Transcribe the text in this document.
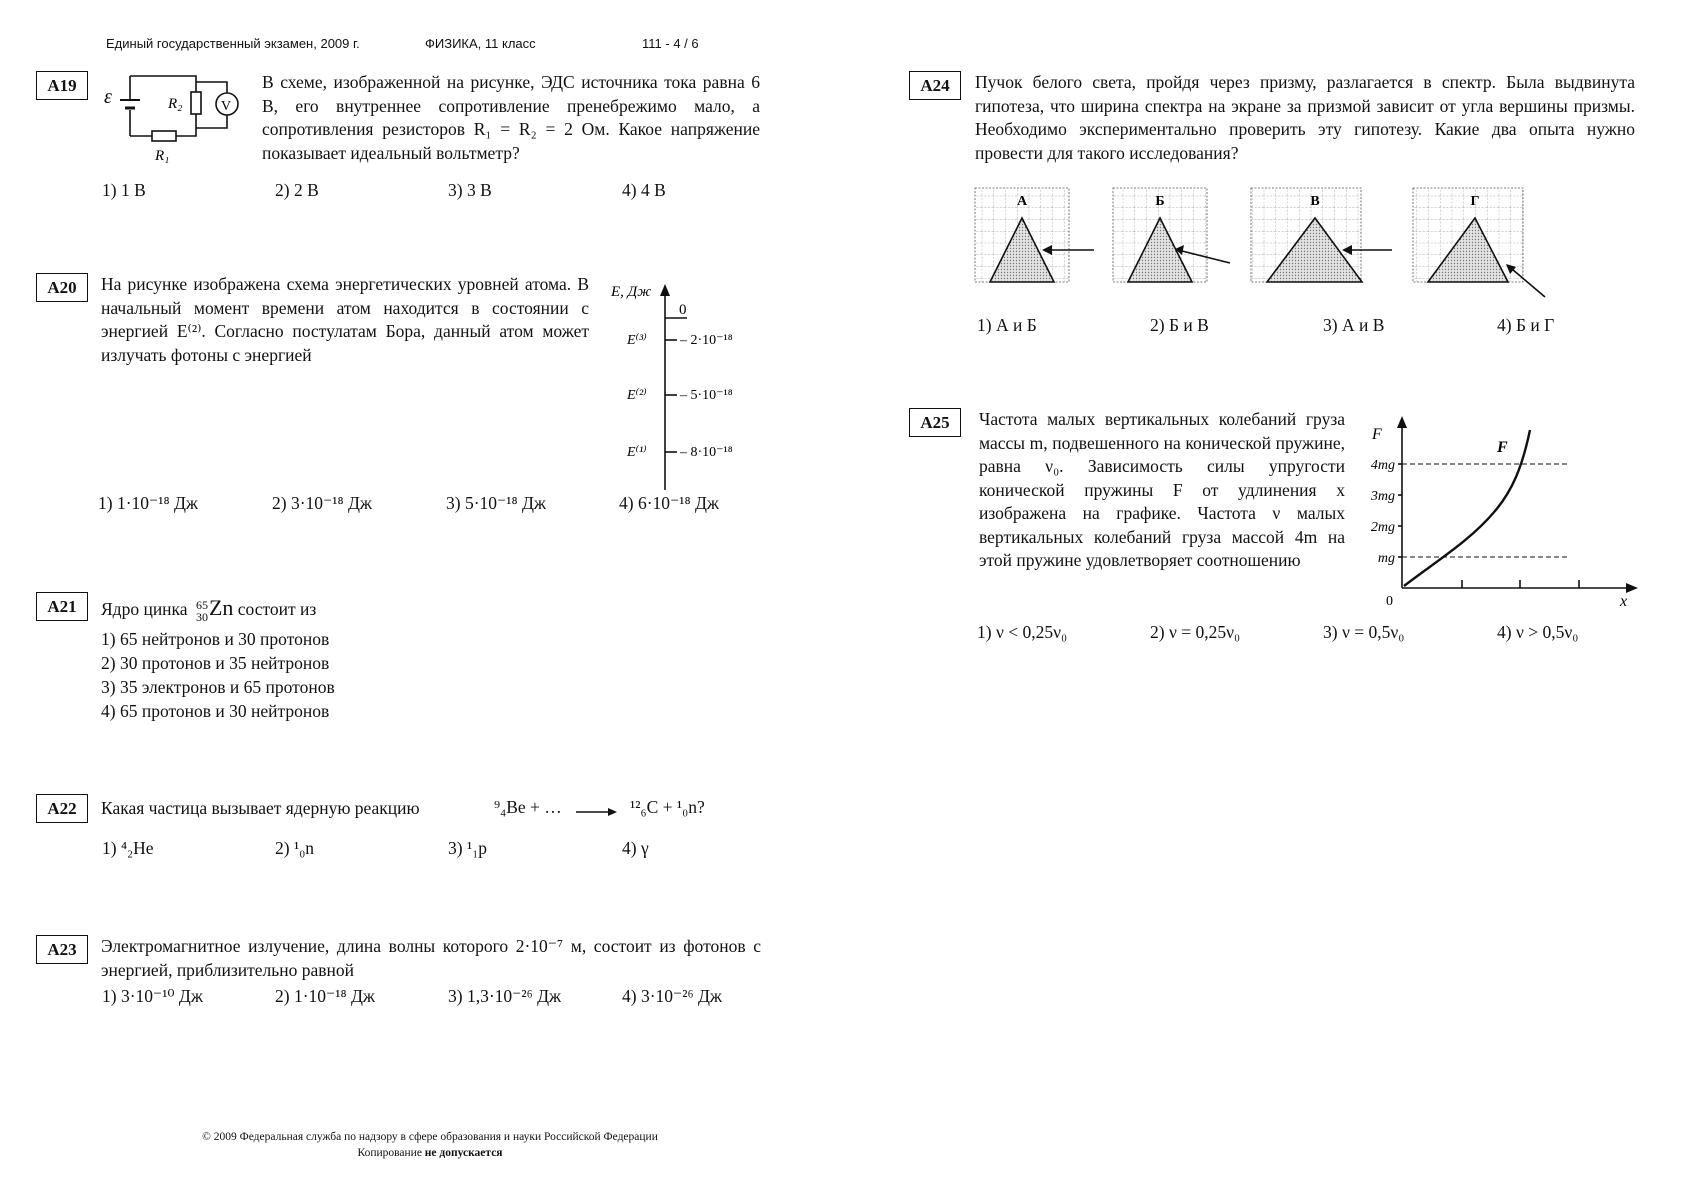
Единый государственный экзамен, 2009 г.	ФИЗИКА, 11 класс	111 - 4 / 6
А19
ε	R₂	V
R₁
В схеме, изображенной на рисунке, ЭДС источника тока равна 6 В, его внутреннее сопротивление пренебрежимо мало, а сопротивления резисторов R₁ = R₂ = 2 Ом. Какое напряжение показывает идеальный вольтметр?
1) 1 В	2) 2 В	3) 3 В	4) 4 В
А20	На рисунке изображена схема энергетических уровней атома. В начальный момент времени атом находится в состоянии с энергией E⁽²⁾. Согласно постулатам Бора, данный атом может излучать фотоны с энергией
E, Дж
0
E⁽³⁾ – 2·10⁻¹⁸
E⁽²⁾ – 5·10⁻¹⁸
E⁽¹⁾ – 8·10⁻¹⁸
1) 1·10⁻¹⁸ Дж	2) 3·10⁻¹⁸ Дж	3) 5·10⁻¹⁸ Дж	4) 6·10⁻¹⁸ Дж
А21	Ядро цинка 65
30 Zn состоит из
1) 65 нейтронов и 30 протонов
2) 30 протонов и 35 нейтронов
3) 35 электронов и 65 протонов
4) 65 протонов и 30 нейтронов
А22	Какая частица вызывает ядерную реакцию	⁹₄Be + … → ¹²₆C + ¹₀n?
1) ⁴₂He	2) ¹₀n	3) ¹₁p	4) γ
А23	Электромагнитное излучение, длина волны которого 2·10⁻⁷ м, состоит из фотонов с энергией, приблизительно равной
1) 3·10⁻¹⁰ Дж	2) 1·10⁻¹⁸ Дж	3) 1,3·10⁻²⁶ Дж	4) 3·10⁻²⁶ Дж
© 2009 Федеральная служба по надзору в сфере образования и науки Российской Федерации
Копирование не допускается
А24	Пучок белого света, пройдя через призму, разлагается в спектр. Была выдвинута гипотеза, что ширина спектра на экране за призмой зависит от угла вершины призмы. Необходимо экспериментально проверить эту гипотезу. Какие два опыта нужно провести для такого исследования?
А	Б	В	Г
1) А и Б	2) Б и В	3) А и В	4) Б и Г
А25	Частота малых вертикальных колебаний груза массы m, подвешенного на конической пружине, равна ν₀. Зависимость силы упругости конической пружины F от удлинения x изображена на графике. Частота ν малых вертикальных колебаний груза массой 4m на этой пружине удовлетворяет соотношению
F
x
0
F
4mg
3mg
2mg
mg
1) ν < 0,25ν₀	2) ν = 0,25ν₀	3) ν = 0,5ν₀	4) ν > 0,5ν₀
